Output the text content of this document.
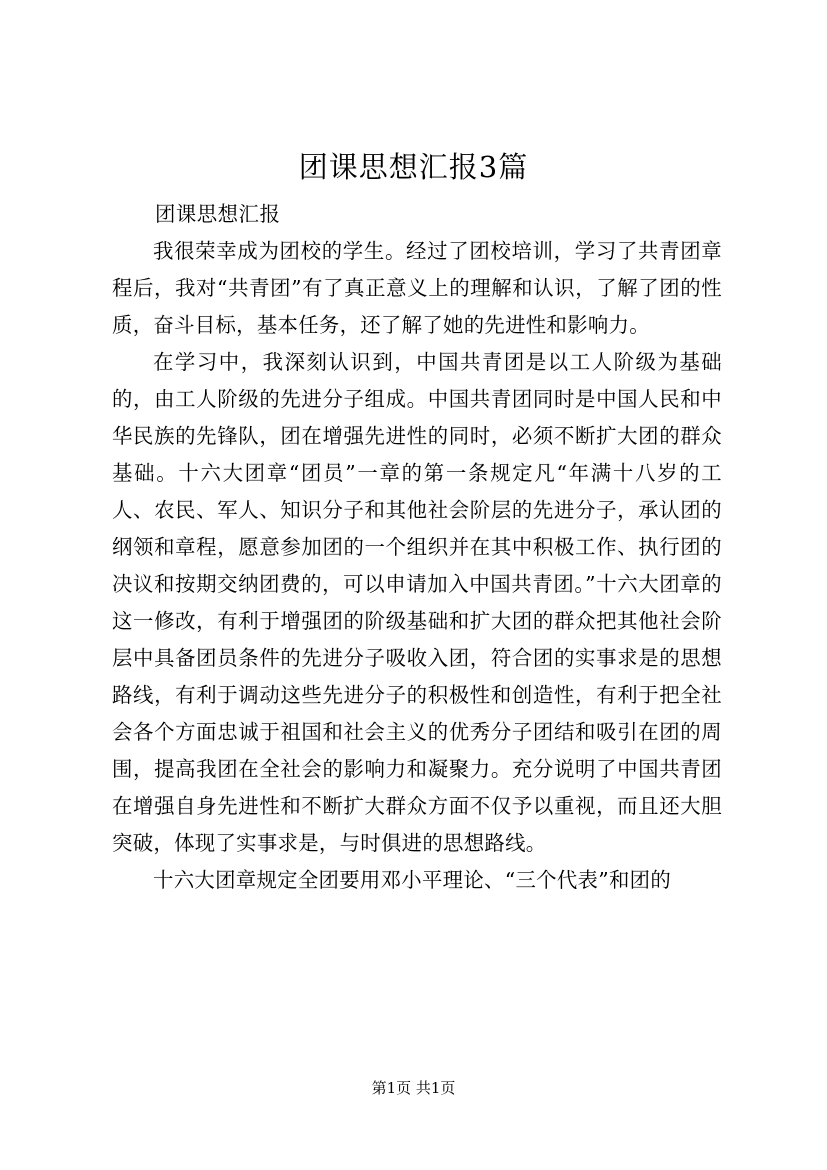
团课思想汇报3篇

团课思想汇报

我很荣幸成为团校的学生。经过了团校培训，学习了共青团章程后，我对“共青团”有了真正意义上的理解和认识，了解了团的性质，奋斗目标，基本任务，还了解了她的先进性和影响力。

在学习中，我深刻认识到，中国共青团是以工人阶级为基础的，由工人阶级的先进分子组成。中国共青团同时是中国人民和中华民族的先锋队，团在增强先进性的同时，必须不断扩大团的群众基础。十六大团章“团员”一章的第一条规定凡“年满十八岁的工人、农民、军人、知识分子和其他社会阶层的先进分子，承认团的纲领和章程，愿意参加团的一个组织并在其中积极工作、执行团的决议和按期交纳团费的，可以申请加入中国共青团。”十六大团章的这一修改，有利于增强团的阶级基础和扩大团的群众把其他社会阶层中具备团员条件的先进分子吸收入团，符合团的实事求是的思想路线，有利于调动这些先进分子的积极性和创造性，有利于把全社会各个方面忠诚于祖国和社会主义的优秀分子团结和吸引在团的周围，提高我团在全社会的影响力和凝聚力。充分说明了中国共青团在增强自身先进性和不断扩大群众方面不仅予以重视，而且还大胆突破，体现了实事求是，与时俱进的思想路线。

十六大团章规定全团要用邓小平理论、“三个代表”和团的

第1页 共1页
